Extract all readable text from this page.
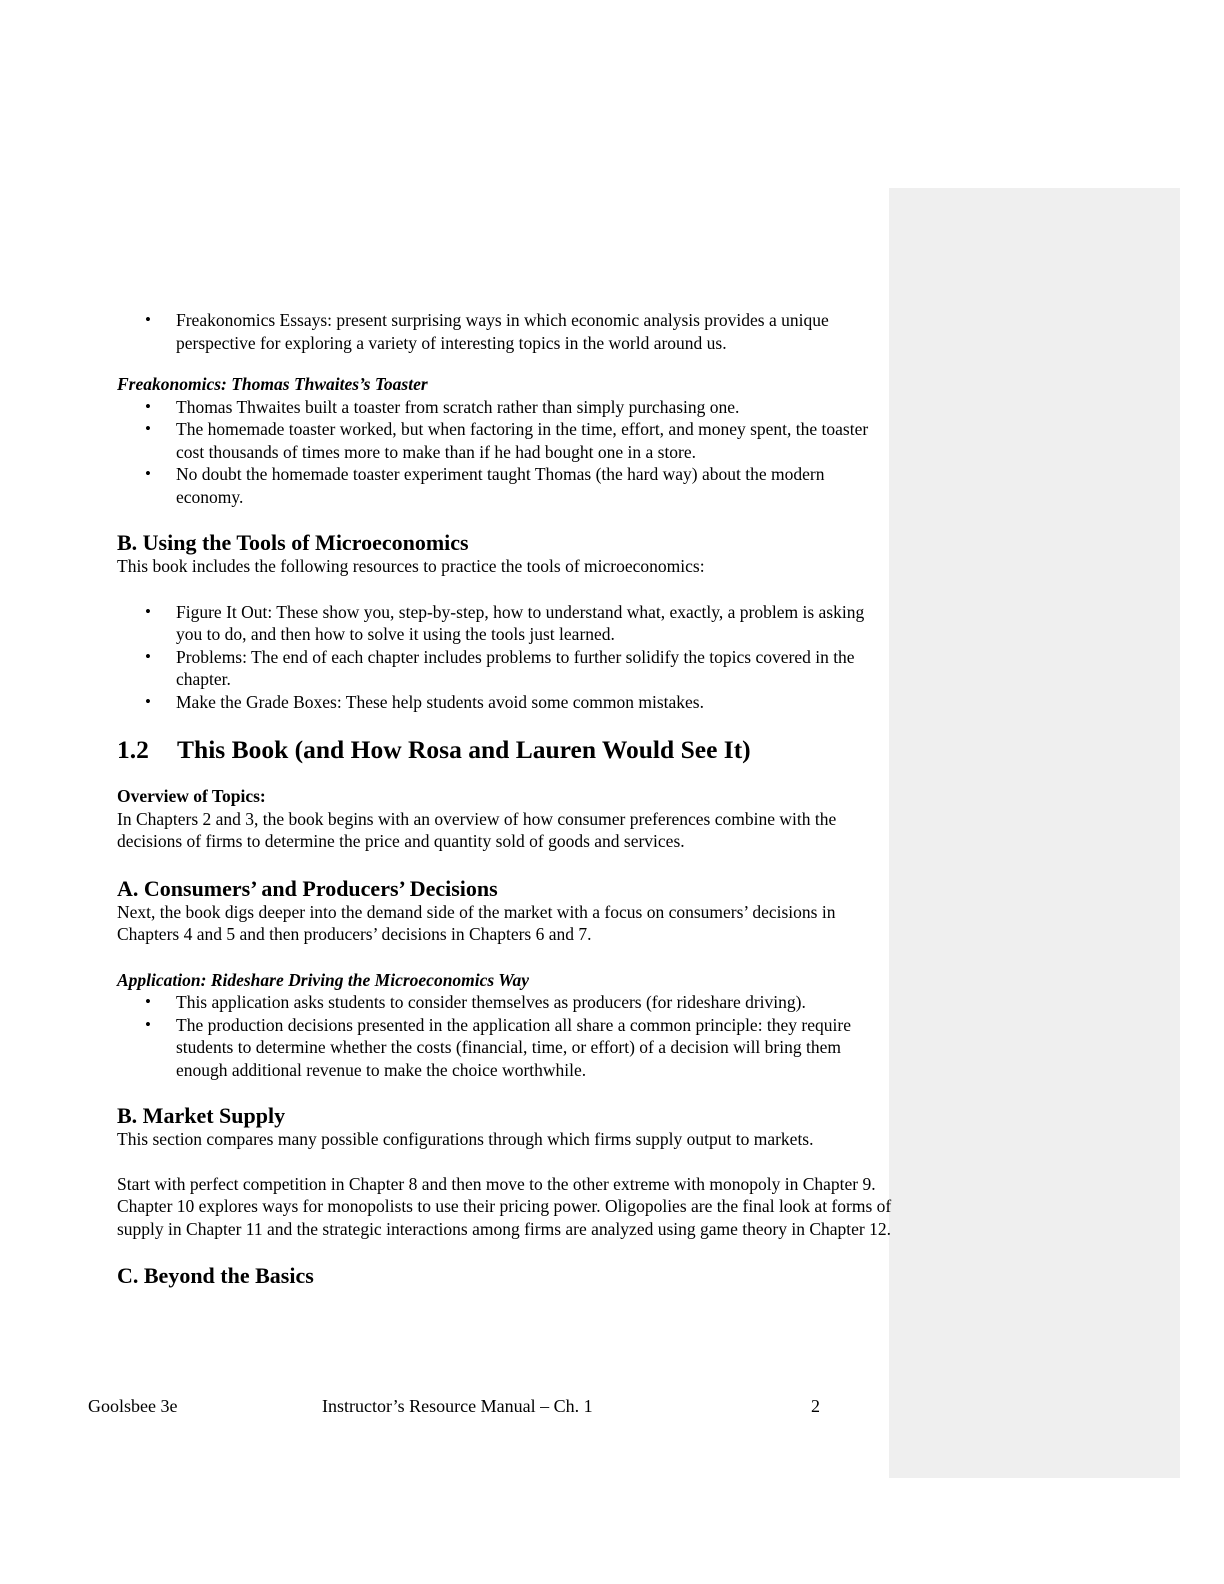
• Freakonomics Essays: present surprising ways in which economic analysis provides a unique perspective for exploring a variety of interesting topics in the world around us.

Freakonomics: Thomas Thwaites’s Toaster

• Thomas Thwaites built a toaster from scratch rather than simply purchasing one.
• The homemade toaster worked, but when factoring in the time, effort, and money spent, the toaster cost thousands of times more to make than if he had bought one in a store.
• No doubt the homemade toaster experiment taught Thomas (the hard way) about the modern economy.

B. Using the Tools of Microeconomics

This book includes the following resources to practice the tools of microeconomics:

• Figure It Out: These show you, step-by-step, how to understand what, exactly, a problem is asking you to do, and then how to solve it using the tools just learned.
• Problems: The end of each chapter includes problems to further solidify the topics covered in the chapter.
• Make the Grade Boxes: These help students avoid some common mistakes.

1.2 This Book (and How Rosa and Lauren Would See It)

Overview of Topics:

In Chapters 2 and 3, the book begins with an overview of how consumer preferences combine with the decisions of firms to determine the price and quantity sold of goods and services.

A. Consumers’ and Producers’ Decisions

Next, the book digs deeper into the demand side of the market with a focus on consumers’ decisions in Chapters 4 and 5 and then producers’ decisions in Chapters 6 and 7.

Application: Rideshare Driving the Microeconomics Way

• This application asks students to consider themselves as producers (for rideshare driving).
• The production decisions presented in the application all share a common principle: they require students to determine whether the costs (financial, time, or effort) of a decision will bring them enough additional revenue to make the choice worthwhile.

B. Market Supply

This section compares many possible configurations through which firms supply output to markets.

Start with perfect competition in Chapter 8 and then move to the other extreme with monopoly in Chapter 9. Chapter 10 explores ways for monopolists to use their pricing power. Oligopolies are the final look at forms of supply in Chapter 11 and the strategic interactions among firms are analyzed using game theory in Chapter 12.

C. Beyond the Basics

Goolsbee 3e	Instructor’s Resource Manual – Ch. 1	2
